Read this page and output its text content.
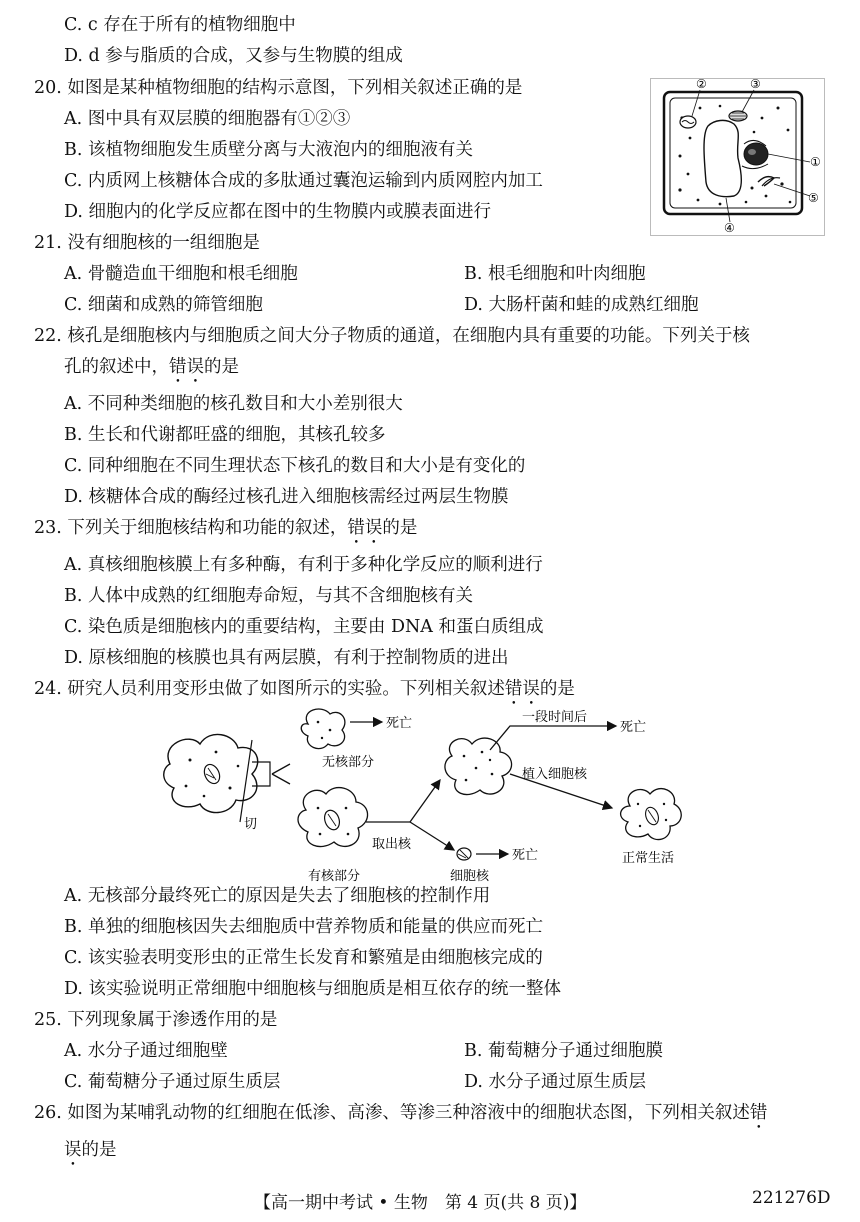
C. c 存在于所有的植物细胞中
D. d 参与脂质的合成，又参与生物膜的组成
20. 如图是某种植物细胞的结构示意图，下列相关叙述正确的是
A. 图中具有双层膜的细胞器有①②③
B. 该植物细胞发生质壁分离与大液泡内的细胞液有关
C. 内质网上核糖体合成的多肽通过囊泡运输到内质网腔内加工
D. 细胞内的化学反应都在图中的生物膜内或膜表面进行
②	③
①
⑤
④
21. 没有细胞核的一组细胞是
A. 骨髓造血干细胞和根毛细胞	B. 根毛细胞和叶肉细胞
C. 细菌和成熟的筛管细胞	D. 大肠杆菌和蛙的成熟红细胞
22. 核孔是细胞核内与细胞质之间大分子物质的通道，在细胞内具有重要的功能。下列关于核
孔的叙述中，错误的是
A. 不同种类细胞的核孔数目和大小差别很大
B. 生长和代谢都旺盛的细胞，其核孔较多
C. 同种细胞在不同生理状态下核孔的数目和大小是有变化的
D. 核糖体合成的酶经过核孔进入细胞核需经过两层生物膜
23. 下列关于细胞核结构和功能的叙述，错误的是
A. 真核细胞核膜上有多种酶，有利于多种化学反应的顺利进行
B. 人体中成熟的红细胞寿命短，与其不含细胞核有关
C. 染色质是细胞核内的重要结构，主要由 DNA 和蛋白质组成
D. 原核细胞的核膜也具有两层膜，有利于控制物质的进出
24. 研究人员利用变形虫做了如图所示的实验。下列相关叙述错误的是
切
死亡
无核部分
有核部分
取出核
死亡
细胞核
一段时间后
死亡
植入细胞核
正常生活
A. 无核部分最终死亡的原因是失去了细胞核的控制作用
B. 单独的细胞核因失去细胞质中营养物质和能量的供应而死亡
C. 该实验表明变形虫的正常生长发育和繁殖是由细胞核完成的
D. 该实验说明正常细胞中细胞核与细胞质是相互依存的统一整体
25. 下列现象属于渗透作用的是
A. 水分子通过细胞壁	B. 葡萄糖分子通过细胞膜
C. 葡萄糖分子通过原生质层	D. 水分子通过原生质层
26. 如图为某哺乳动物的红细胞在低渗、高渗、等渗三种溶液中的细胞状态图，下列相关叙述错
误的是
【高一期中考试 • 生物　第 4 页(共 8 页)】	221276D
